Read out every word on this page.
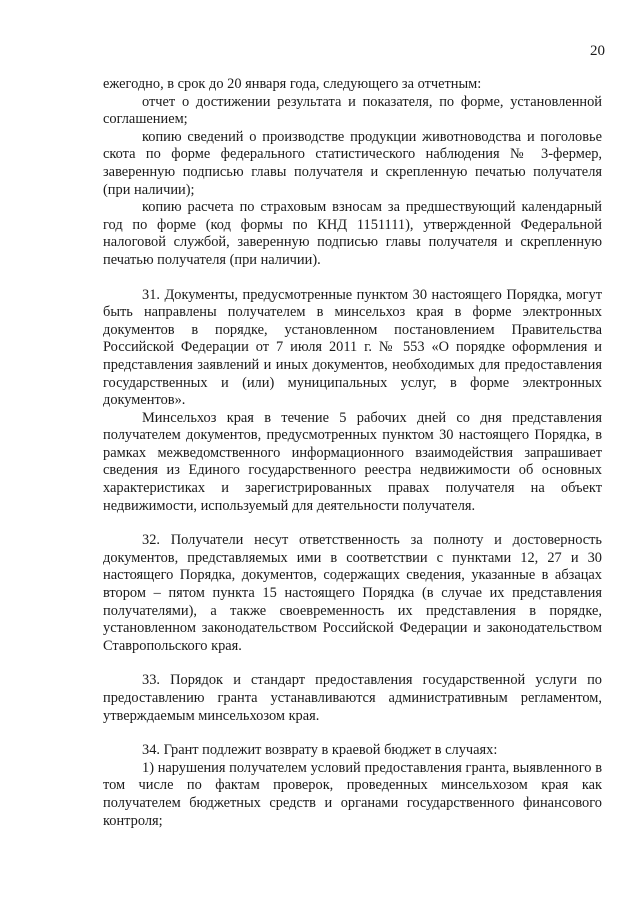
20

ежегодно, в срок до 20 января года, следующего за отчетным:

отчет о достижении результата и показателя, по форме, установленной соглашением;

копию сведений о производстве продукции животноводства и поголовье скота по форме федерального статистического наблюдения № 3-фермер, заверенную подписью главы получателя и скрепленную печатью получателя (при наличии);

копию расчета по страховым взносам за предшествующий календарный год по форме (код формы по КНД 1151111), утвержденной Федеральной налоговой службой, заверенную подписью главы получателя и скрепленную печатью получателя (при наличии).

31. Документы, предусмотренные пунктом 30 настоящего Порядка, могут быть направлены получателем в минсельхоз края в форме электронных документов в порядке, установленном постановлением Правительства Российской Федерации от 7 июля 2011 г. № 553 «О порядке оформления и представления заявлений и иных документов, необходимых для предоставления государственных и (или) муниципальных услуг, в форме электронных документов».

Минсельхоз края в течение 5 рабочих дней со дня представления получателем документов, предусмотренных пунктом 30 настоящего Порядка, в рамках межведомственного информационного взаимодействия запрашивает сведения из Единого государственного реестра недвижимости об основных характеристиках и зарегистрированных правах получателя на объект недвижимости, используемый для деятельности получателя.

32. Получатели несут ответственность за полноту и достоверность документов, представляемых ими в соответствии с пунктами 12, 27 и 30 настоящего Порядка, документов, содержащих сведения, указанные в абзацах втором – пятом пункта 15 настоящего Порядка (в случае их представления получателями), а также своевременность их представления в порядке, установленном законодательством Российской Федерации и законодательством Ставропольского края.

33. Порядок и стандарт предоставления государственной услуги по предоставлению гранта устанавливаются административным регламентом, утверждаемым минсельхозом края.

34. Грант подлежит возврату в краевой бюджет в случаях:

1) нарушения получателем условий предоставления гранта, выявленного в том числе по фактам проверок, проведенных минсельхозом края как получателем бюджетных средств и органами государственного финансового контроля;
